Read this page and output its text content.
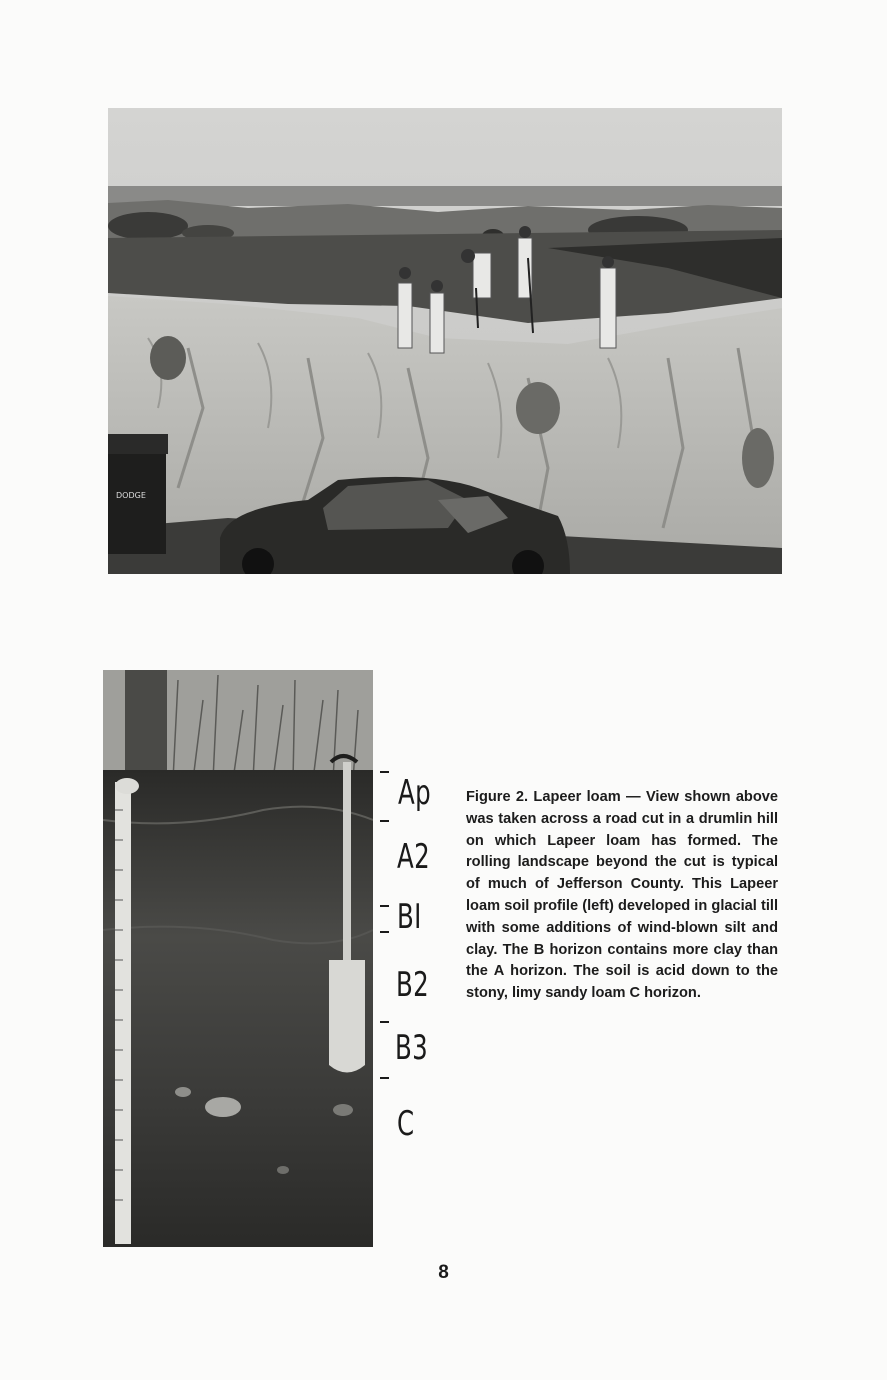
DODGE
Ap
A2
BI
B2
B3
C

Figure 2. Lapeer loam — View shown above was taken across a road cut in a drumlin hill on which Lapeer loam has formed. The rolling landscape beyond the cut is typical of much of Jefferson County. This Lapeer loam soil profile (left) developed in glacial till with some additions of wind-blown silt and clay. The B horizon contains more clay than the A horizon. The soil is acid down to the stony, limy sandy loam C horizon.

8
